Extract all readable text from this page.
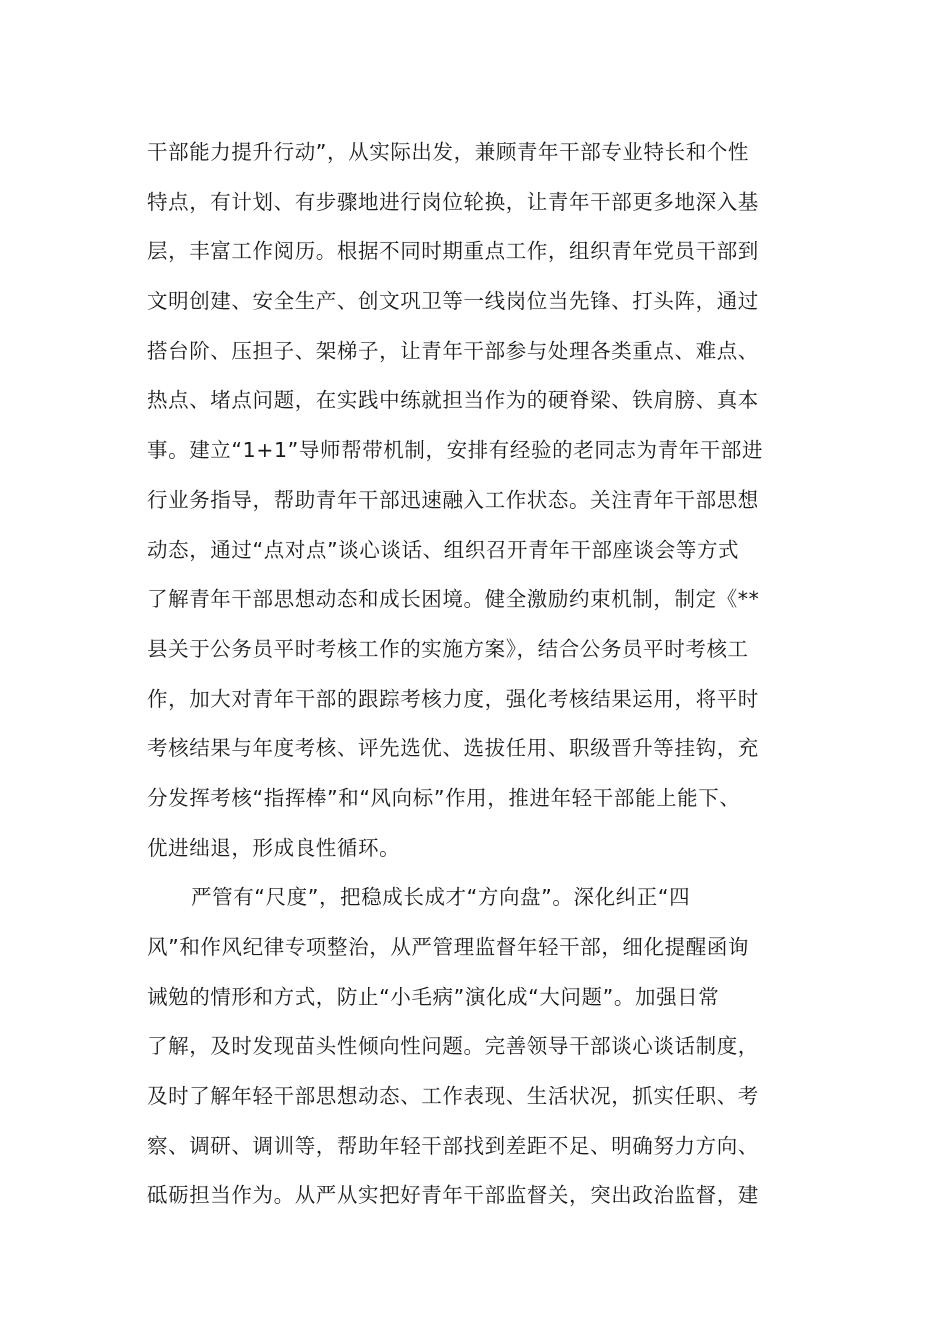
干部能力提升行动”，从实际出发，兼顾青年干部专业特长和个性
特点，有计划、有步骤地进行岗位轮换，让青年干部更多地深入基
层，丰富工作阅历。根据不同时期重点工作，组织青年党员干部到
文明创建、安全生产、创文巩卫等一线岗位当先锋、打头阵，通过
搭台阶、压担子、架梯子，让青年干部参与处理各类重点、难点、
热点、堵点问题，在实践中练就担当作为的硬脊梁、铁肩膀、真本
事。建立“1+1”导师帮带机制，安排有经验的老同志为青年干部进
行业务指导，帮助青年干部迅速融入工作状态。关注青年干部思想
动态，通过“点对点”谈心谈话、组织召开青年干部座谈会等方式
了解青年干部思想动态和成长困境。健全激励约束机制，制定《**
县关于公务员平时考核工作的实施方案》，结合公务员平时考核工
作，加大对青年干部的跟踪考核力度，强化考核结果运用，将平时
考核结果与年度考核、评先选优、选拔任用、职级晋升等挂钩，充
分发挥考核“指挥棒”和“风向标”作用，推进年轻干部能上能下、
优进绌退，形成良性循环。
严管有“尺度”，把稳成长成才“方向盘”。深化纠正“四
风”和作风纪律专项整治，从严管理监督年轻干部，细化提醒函询
诫勉的情形和方式，防止“小毛病”演化成“大问题”。加强日常
了解，及时发现苗头性倾向性问题。完善领导干部谈心谈话制度，
及时了解年轻干部思想动态、工作表现、生活状况，抓实任职、考
察、调研、调训等，帮助年轻干部找到差距不足、明确努力方向、
砥砺担当作为。从严从实把好青年干部监督关，突出政治监督，建
